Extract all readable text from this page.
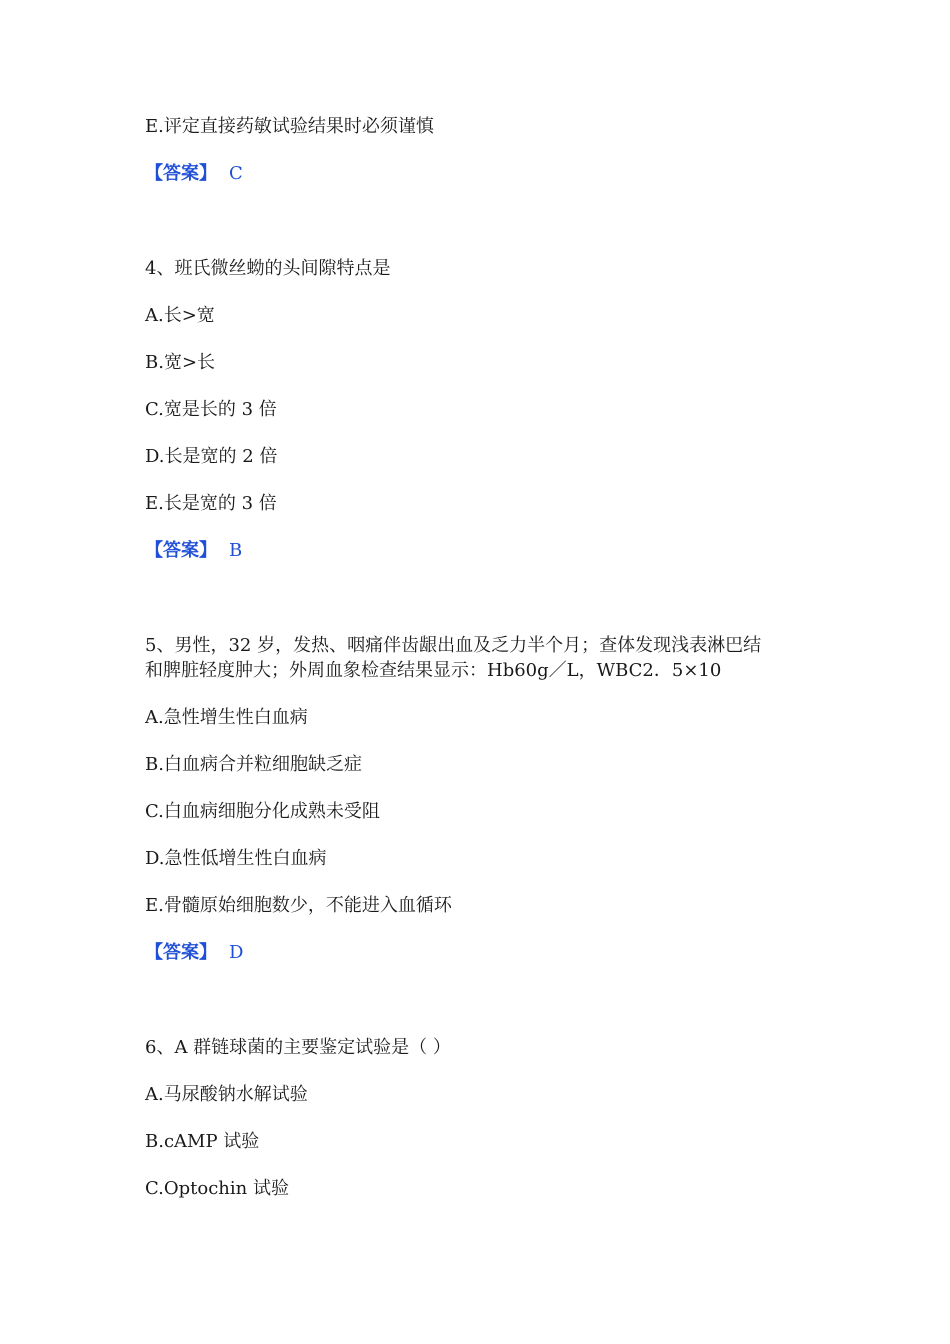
E.评定直接药敏试验结果时必须谨慎
【答案】 C
4、班氏微丝蚴的头间隙特点是
A.长>宽
B.宽>长
C.宽是长的 3 倍
D.长是宽的 2 倍
E.长是宽的 3 倍
【答案】 B
5、男性，32 岁，发热、咽痛伴齿龈出血及乏力半个月；查体发现浅表淋巴结
和脾脏轻度肿大；外周血象检查结果显示：Hb60g／L，WBC2．5×10
A.急性增生性白血病
B.白血病合并粒细胞缺乏症
C.白血病细胞分化成熟未受阻
D.急性低增生性白血病
E.骨髓原始细胞数少，不能进入血循环
【答案】 D
6、A 群链球菌的主要鉴定试验是（ ）
A.马尿酸钠水解试验
B.cAMP 试验
C.Optochin 试验
